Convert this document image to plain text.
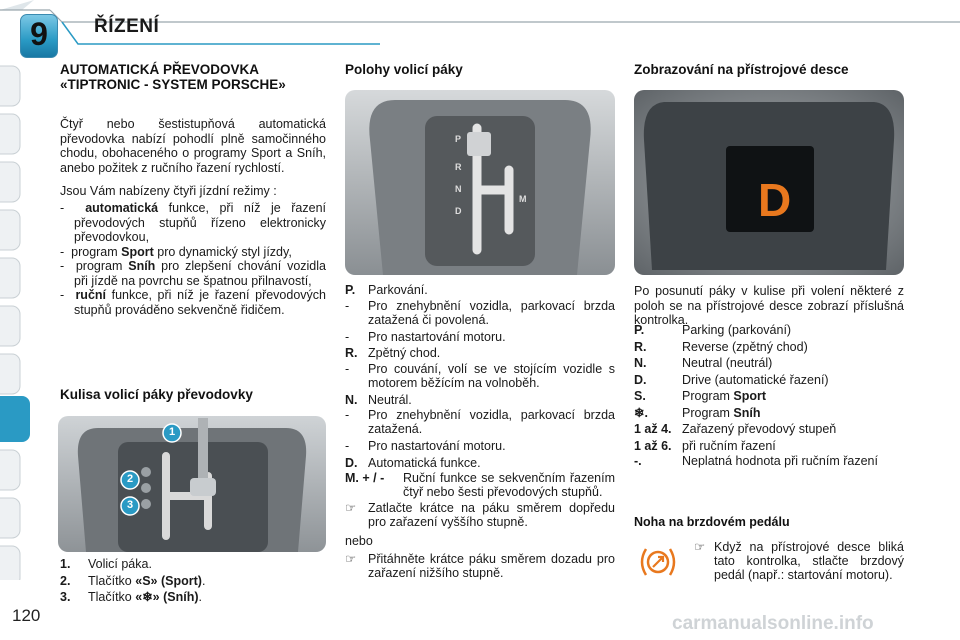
9	ŘÍZENÍ
AUTOMATICKÁ PŘEVODOVKA «TIPTRONIC - SYSTEM PORSCHE»
Čtyř nebo šestistupňová automatická převodovka nabízí pohodlí plně samočinného chodu, obohaceného o programy Sport a Sníh, anebo požitek z ručního řazení rychlostí.
Jsou Vám nabízeny čtyři jízdní režimy :
- automatická funkce, při níž je řazení převodových stupňů řízeno elektronicky převodovkou,
- program Sport pro dynamický styl jízdy,
- program Sníh pro zlepšení chování vozidla při jízdě na povrchu se špatnou přilnavostí,
- ruční funkce, při níž je řazení převodových stupňů prováděno sekvenčně řidičem.
Kulisa volicí páky převodovky
1
2
3
1.	Volicí páka.
2.	Tlačítko «S» (Sport).
3.	Tlačítko «❄» (Sníh).
Polohy volicí páky
P
R
N
D
M
P.	Parkování.
-	Pro znehybnění vozidla, parkovací brzda zatažená či povolená.
-	Pro nastartování motoru.
R. Zpětný chod.
-	Pro couvání, volí se ve stojícím vozidle s motorem běžícím na volnoběh.
N. Neutrál.
-	Pro znehybnění vozidla, parkovací brzda zatažená.
-	Pro nastartování motoru.
D. Automatická funkce.
M. + / -	Ruční funkce se sekvenčním řazením čtyř nebo šesti převodových stupňů.
☞ Zatlačte krátce na páku směrem dopředu pro zařazení vyššího stupně.
nebo
☞ Přitáhněte krátce páku směrem dozadu pro zařazení nižšího stupně.
Zobrazování na přístrojové desce
D
Po posunutí páky v kulise při volení některé z poloh se na přístrojové desce zobrazí příslušná kontrolka.
P.	Parking (parkování)
R.	Reverse (zpětný chod)
N.	Neutral (neutrál)
D.	Drive (automatické řazení)
S.	Program Sport
❄.	Program Sníh
1 až 4. Zařazený převodový stupeň
1 až 6. při ručním řazení
-.	Neplatná hodnota při ručním řazení
Noha na brzdovém pedálu
☞ Když na přístrojové desce bliká tato kontrolka, stlačte brzdový pedál (např.: startování motoru).
120	carmanualsonline.info
